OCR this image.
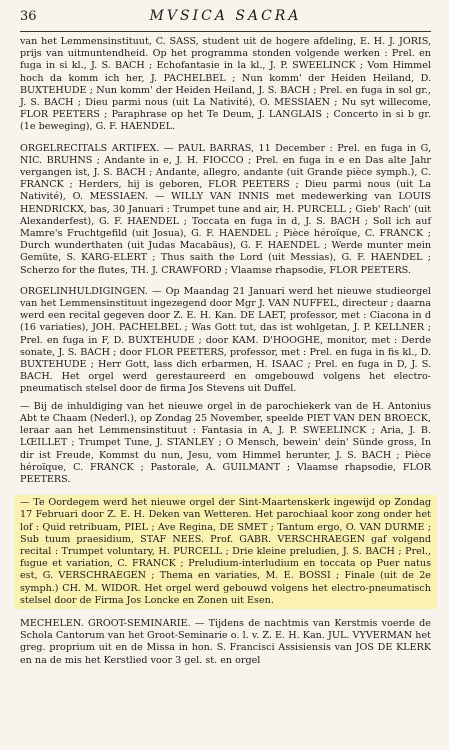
36	MVSICA SACRA

van het Lemmensinstituut, C. SASS, student uit de hogere afdeling, E. H. J. JORIS, prijs van uitmuntendheid. Op het programma stonden volgende werken : Prel. en fuga in si kl., J. S. BACH ; Echofantasie in la kl., J. P. SWEELINCK ; Vom Himmel hoch da komm ich her, J. PACHELBEL ; Nun komm' der Heiden Heiland, D. BUXTEHUDE ; Nun komm' der Heiden Heiland, J. S. BACH ; Prel. en fuga in sol gr., J. S. BACH ; Dieu parmi nous (uit La Nativité), O. MESSIAEN ; Nu syt willecome, FLOR PEETERS ; Paraphrase op het Te Deum, J. LANGLAIS ; Concerto in si b gr. (1e beweging), G. F. HAENDEL.

ORGELRECITALS ARTIFEX. — PAUL BARRAS, 11 December : Prel. en fuga in G, NIC. BRUHNS ; Andante in e, J. H. FIOCCO ; Prel. en fuga in e en Das alte Jahr vergangen ist, J. S. BACH ; Andante, allegro, andante (uit Grande pièce symph.), C. FRANCK ; Herders, hij is geboren, FLOR PEETERS ; Dieu parmi nous (uit La Nativité), O. MESSIAEN. — WILLY VAN INNIS met medewerking van LOUIS HENDRICKX, bas, 30 Januari : Trumpet tune and air, H. PURCELL ; Gieb' Rach' (uit Alexanderfest), G. F. HAENDEL ; Toccata en fuga in d, J. S. BACH ; Soll ich auf Mamre's Fruchtgefild (uit Josua), G. F. HAENDEL ; Pièce héroïque, C. FRANCK ; Durch wunderthaten (uit Judas Macabäus), G. F. HAENDEL ; Werde munter mein Gemüte, S. KARG-ELERT ; Thus saith the Lord (uit Messias), G. F. HAENDEL ; Scherzo for the flutes, TH. J. CRAWFORD ; Vlaamse rhapsodie, FLOR PEETERS.

ORGELINHULDIGINGEN. — Op Maandag 21 Januari werd het nieuwe studieorgel van het Lemmensinstituut ingezegend door Mgr J. VAN NUFFEL, directeur ; daarna werd een recital gegeven door Z. E. H. Kan. DE LAET, professor, met : Ciacona in d (16 variaties), JOH. PACHELBEL ; Was Gott tut, das ist wohlgetan, J. P. KELLNER ; Prel. en fuga in F, D. BUXTEHUDE ; door KAM. D'HOOGHE, monitor, met : Derde sonate, J. S. BACH ; door FLOR PEETERS, professor, met : Prel. en fuga in fis kl., D. BUXTEHUDE ; Herr Gott, lass dich erbarmen, H. ISAAC ; Prel. en fuga in D, J. S. BACH. Het orgel werd gerestaureerd en omgebouwd volgens het electro-pneumatisch stelsel door de firma Jos Stevens uit Duffel.

— Bij de inhuldiging van het nieuwe orgel in de parochiekerk van de H. Antonius Abt te Chaam (Nederl.), op Zondag 25 November, speelde PIET VAN DEN BROECK, leraar aan het Lemmensinstituut : Fantasia in A, J. P. SWEELINCK ; Aria, J. B. LŒILLET ; Trumpet Tune, J. STANLEY ; O Mensch, bewein' dein' Sünde gross, In dir ist Freude, Kommst du nun, Jesu, vom Himmel herunter, J. S. BACH ; Pièce héroïque, C. FRANCK ; Pastorale, A. GUILMANT ; Vlaamse rhapsodie, FLOR PEETERS.

— Te Oordegem werd het nieuwe orgel der Sint-Maartenskerk ingewijd op Zondag 17 Februari door Z. E. H. Deken van Wetteren. Het parochiaal koor zong onder het lof : Quid retribuam, PIEL ; Ave Regina, DE SMET ; Tantum ergo, O. VAN DURME ; Sub tuum praesidium, STAF NEES. Prof. GABR. VERSCHRAEGEN gaf volgend recital : Trumpet voluntary, H. PURCELL ; Drie kleine preludien, J. S. BACH ; Prel., fugue et variation, C. FRANCK ; Preludium-interludium en toccata op Puer natus est, G. VERSCHRAEGEN ; Thema en variaties, M. E. BOSSI ; Finale (uit de 2e symph.) CH. M. WIDOR. Het orgel werd gebouwd volgens het electro-pneumatisch stelsel door de Firma Jos Loncke en Zonen uit Esen.

MECHELEN. GROOT-SEMINARIE. — Tijdens de nachtmis van Kerstmis voerde de Schola Cantorum van het Groot-Seminarie o. l. v. Z. E. H. Kan. JUL. VYVERMAN het greg. proprium uit en de Missa in hon. S. Francisci Assisiensis van JOS DE KLERK en na de mis het Kerstlied voor 3 gel. st. en orgel
